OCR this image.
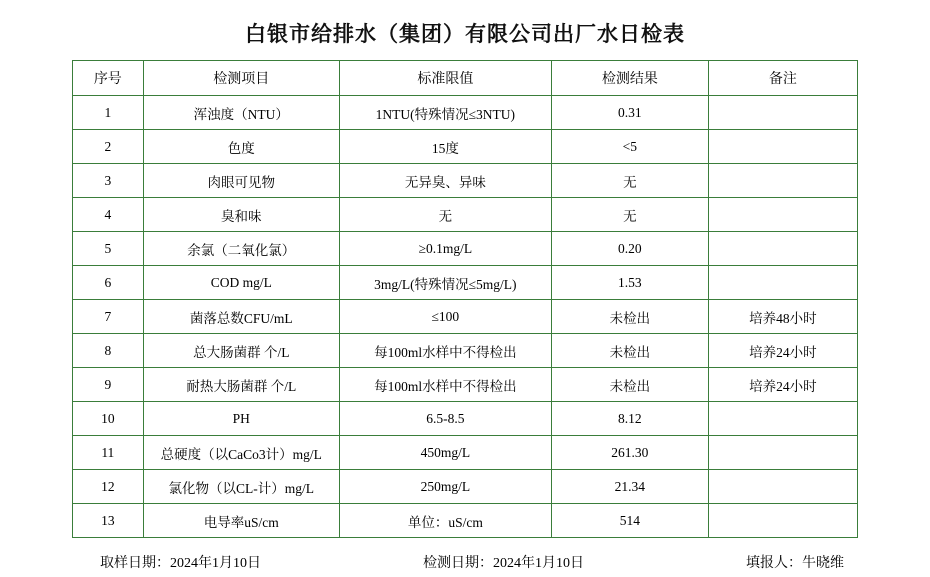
白银市给排水（集团）有限公司出厂水日检表
序号	检测项目	标准限值	检测结果	备注
1	浑浊度（NTU）	1NTU(特殊情况≤3NTU)	0.31	
2	色度	15度	<5	
3	肉眼可见物	无异臭、异味	无	
4	臭和味	无	无	
5	余氯（二氧化氯）	≥0.1mg/L	0.20	
6	COD mg/L	3mg/L(特殊情况≤5mg/L)	1.53	
7	菌落总数CFU/mL	≤100	未检出	培养48小时
8	总大肠菌群 个/L	每100ml水样中不得检出	未检出	培养24小时
9	耐热大肠菌群 个/L	每100ml水样中不得检出	未检出	培养24小时
10	PH	6.5-8.5	8.12	
11	总硬度（以CaCo3计）mg/L	450mg/L	261.30	
12	氯化物（以CL-计）mg/L	250mg/L	21.34	
13	电导率uS/cm	单位：uS/cm	514	
取样日期：2024年1月10日	检测日期：2024年1月10日	填报人：牛晓维
